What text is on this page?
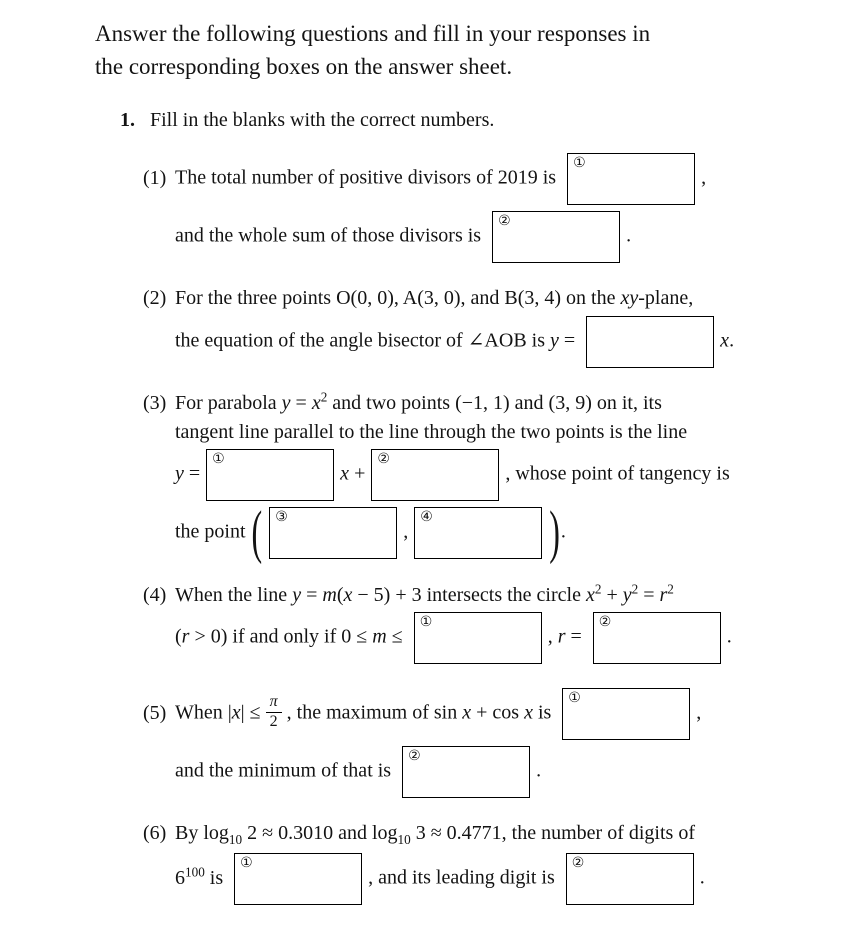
Answer the following questions and fill in your responses in
the corresponding boxes on the answer sheet.

1. Fill in the blanks with the correct numbers.
(1) The total number of positive divisors of 2019 is
①
,
and the whole sum of those divisors is
②
.
(2) For the three points O(0, 0), A(3, 0), and B(3, 4) on the xy-plane,
the equation of the angle bisector of ∠AOB is y =	x.
(3) For parabola $y = x^2$ and two points (−1, 1) and (3, 9) on it, its
tangent line parallel to the line through the two points is the line
y =
①
x +
②
, whose point of tangency is
the point ( ③
,
④	).
(4) When the line y = m(x − 5) + 3 intersects the circle $x^2 + y^2 = r^2$
(r > 0) if and only if 0 ≤ m ≤
①
, r =
②
.
(5) When $|x| \le \frac{\pi}{2}$ , the maximum of sin x + cos x is
①
,
and the minimum of that is
②
.
(6) By $\log_{10} 2 \approx 0.3010$ and $\log_{10} 3 \approx 0.4771$, the number of digits of
$6^{100}$ is
①
, and its leading digit is
②
.
